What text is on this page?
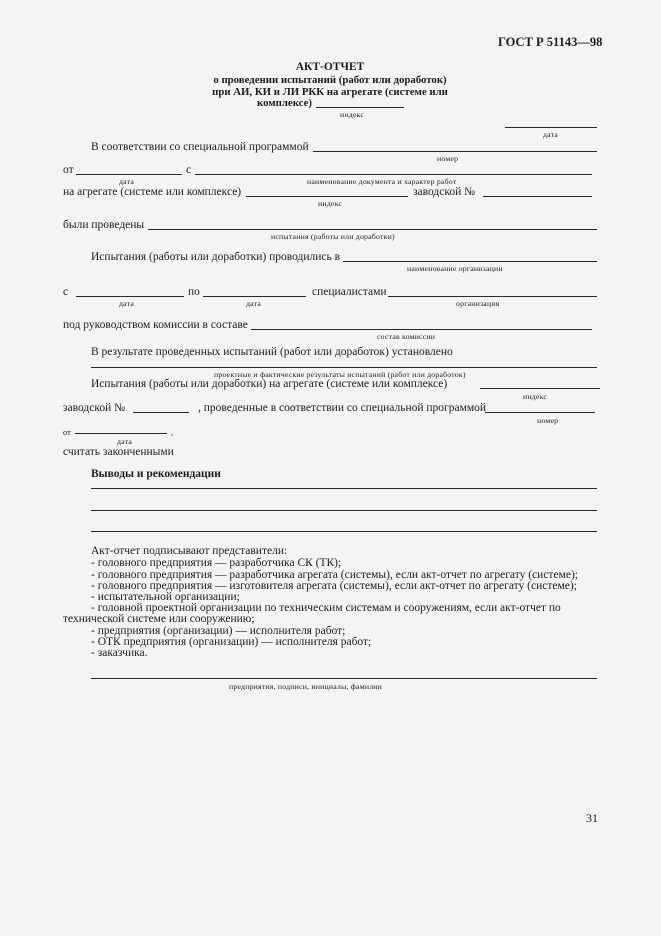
ГОСТ Р 51143—98
АКТ-ОТЧЕТ
о проведении испытаний (работ или доработок)
при АИ, КИ и ЛИ РКК на агрегате (системе или
комплексе)
индекс
дата
В соответствии со специальной программой
номер
от	с
дата	наименование документа и характер работ
на агрегате (системе или комплексе)	заводской №
индекс
были проведены
испытания (работы или доработки)
Испытания (работы или доработки) проводились в
наименование организации
с	по	специалистами
дата	дата	организация
под руководством комиссии в составе
состав комиссии
В результате проведенных испытаний (работ или доработок) установлено
проектные и фактические результаты испытаний (работ или доработок)
Испытания (работы или доработки) на агрегате (системе или комплексе)
индекс
заводской №	, проведенные в соответствии со специальной программой
номер
от	,
дата
считать законченными
Выводы и рекомендации
Акт-отчет подписывают представители:
- головного предприятия — разработчика СК (ТК);
- головного предприятия — разработчика агрегата (системы), если акт-отчет по агрегату (системе);
- головного предприятия — изготовителя агрегата (системы), если акт-отчет по агрегату (системе);
- испытательной организации;
- головной проектной организации по техническим системам и сооружениям, если акт-отчет по
технической системе или сооружению;
- предприятия (организации) — исполнителя работ;
- ОТК предприятия (организации) — исполнителя работ;
- заказчика.
предприятия, подписи, инициалы, фамилии
31
